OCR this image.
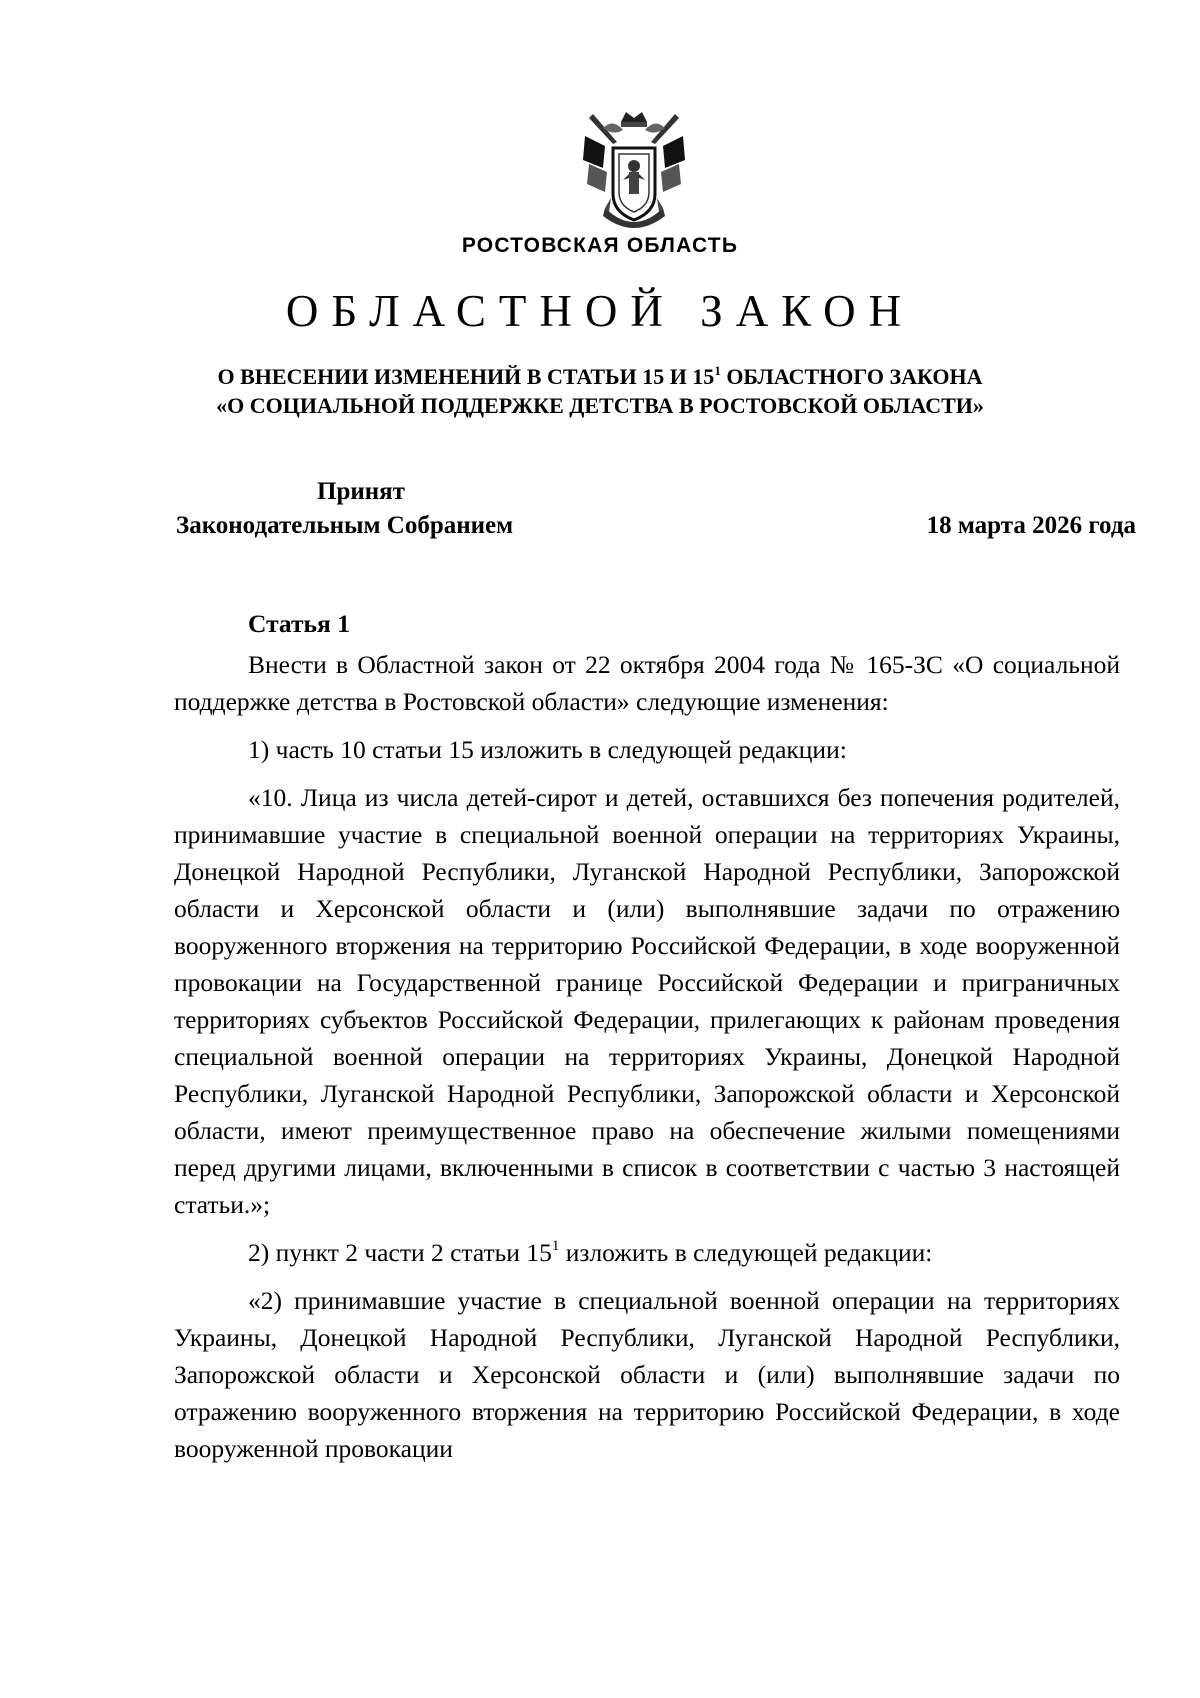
РОСТОВСКАЯ ОБЛАСТЬ
ОБЛАСТНОЙ ЗАКОН
О ВНЕСЕНИИ ИЗМЕНЕНИЙ В СТАТЬИ 15 И $15^1$ ОБЛАСТНОГО ЗАКОНА
«О СОЦИАЛЬНОЙ ПОДДЕРЖКЕ ДЕТСТВА В РОСТОВСКОЙ ОБЛАСТИ»
Принят
Законодательным Собранием	18 марта 2026 года
Статья 1

Внести в Областной закон от 22 октября 2004 года № 165-ЗС «О социальной поддержке детства в Ростовской области» следующие изменения:

1) часть 10 статьи 15 изложить в следующей редакции:

«10. Лица из числа детей-сирот и детей, оставшихся без попечения родителей, принимавшие участие в специальной военной операции на территориях Украины, Донецкой Народной Республики, Луганской Народной Республики, Запорожской области и Херсонской области и (или) выполнявшие задачи по отражению вооруженного вторжения на территорию Российской Федерации, в ходе вооруженной провокации на Государственной границе Российской Федерации и приграничных территориях субъектов Российской Федерации, прилегающих к районам проведения специальной военной операции на территориях Украины, Донецкой Народной Республики, Луганской Народной Республики, Запорожской области и Херсонской области, имеют преимущественное право на обеспечение жилыми помещениями перед другими лицами, включенными в список в соответствии с частью 3 настоящей статьи.»;

2) пункт 2 части 2 статьи $15^1$ изложить в следующей редакции:

«2) принимавшие участие в специальной военной операции на территориях Украины, Донецкой Народной Республики, Луганской Народной Республики, Запорожской области и Херсонской области и (или) выполнявшие задачи по отражению вооруженного вторжения на территорию Российской Федерации, в ходе вооруженной провокации
